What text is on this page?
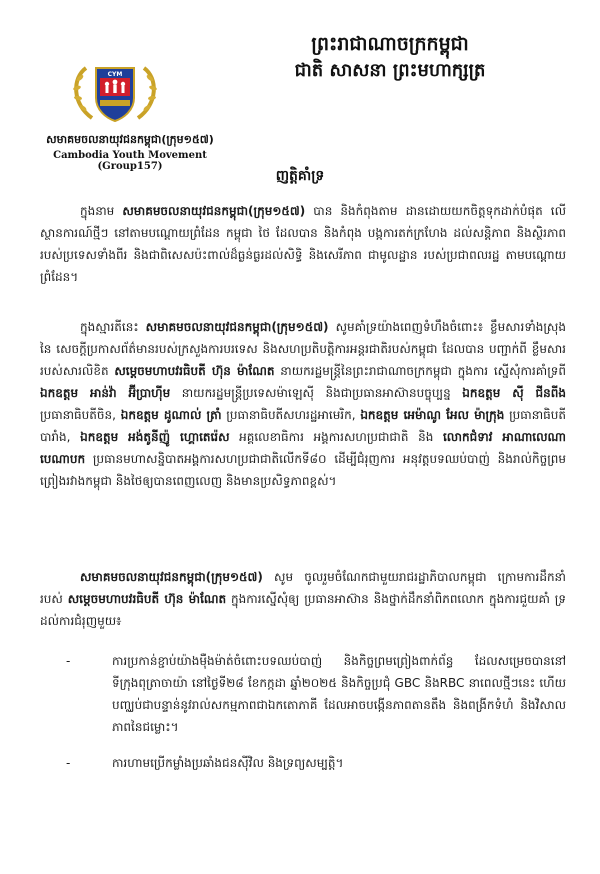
ព្រះរាជាណាចក្រកម្ពុជា
ជាតិ សាសនា ព្រះមហាក្សត្រ
CYM
សមាគមចលនាយុវជនកម្ពុជា(ក្រុម១៥៧)
Cambodia Youth Movement (Group157)
ញត្តិគាំទ្រ
ក្នុងនាម សមាគមចលនាយុវជនកម្ពុជា(ក្រុម១៥៧) បាន និងកំពុងតាម ដានដោយយកចិត្តទុកដាក់បំផុត លើស្ថានការណ៍ថ្មីៗ នៅតាមបណ្តោយព្រំដែន កម្ពុជា ថៃ ដែលបាន និងកំពុង បង្កការតក់ក្រហែង ដល់សន្តិភាព និងស្ថិរភាព របស់ប្រទេសទាំងពីរ និងជាពិសេសប៉ះពាល់ដ៏ធ្ងន់ធ្ងរដល់សិទ្ធិ និងសេរីភាព ជាមូលដ្ឋាន របស់ប្រជាពលរដ្ឋ តាមបណ្តោយព្រំដែន។
ក្នុងស្មារតីនេះ សមាគមចលនាយុវជនកម្ពុជា(ក្រុម១៥៧) សូមគាំទ្រយ៉ាងពេញទំហឹងចំពោះ៖ ខ្លឹមសារទាំងស្រុងនៃ សេចក្តីប្រកាសព័ត៌មានរបស់ក្រសួងការបរទេស និងសហប្រតិបត្តិការអន្តរជាតិរបស់កម្ពុជា ដែលបាន បញ្ជាក់ពី ខ្លឹមសាររបស់សារលិខិត សម្តេចមហាបវរធិបតី ហ៊ុន ម៉ាណែត នាយករដ្ឋមន្ត្រីនៃព្រះរាជាណាចក្រកម្ពុជា ក្នុងការ ស្នើសុំការគាំទ្រពី ឯកឧត្តម អាន់វ៉ា អ៊ីប្រាហ៊ីម នាយករដ្ឋមន្ត្រីប្រទេសម៉ាឡេស៊ី និងជាប្រធានអាស៊ានបច្ចុប្បន្ន ឯកឧត្តម ស៊ី ជីនពីង ប្រធានាធិបតីចិន, ឯកឧត្តម ដូណាល់ ត្រាំ ប្រធានាធិបតីសហរដ្ឋអាមេរិក, ឯកឧត្តម អេម៉ាណូ អែល ម៉ាក្រុង ប្រធានាធិបតីបារាំង, ឯកឧត្តម អង់តូនីញ៉ូ ហ្គោតេរ៉េស អគ្គលេខាធិការ អង្គការសហប្រជាជាតិ និង លោកជំទាវ អាណាលេណា បេណាបក ប្រធានមហាសន្និបាតអង្គការសហប្រជាជាតិលើកទី៨០ ដើម្បីជំរុញការ អនុវត្តបទឈប់បាញ់ និងរាល់កិច្ចព្រមព្រៀងរវាងកម្ពុជា និងថៃឲ្យបានពេញលេញ និងមានប្រសិទ្ធភាពខ្ពស់។
សមាគមចលនាយុវជនកម្ពុជា(ក្រុម១៥៧) សូម ចូលរួមចំណែកជាមួយរាជរដ្ឋាភិបាលកម្ពុជា ក្រោមការដឹកនាំរបស់ សម្តេចមហាបវរធិបតី ហ៊ុន ម៉ាណែត ក្នុងការស្នើសុំឲ្យ ប្រធានអាស៊ាន និងថ្នាក់ដឹកនាំពិភពលោក ក្នុងការជួយគាំ ទ្រដល់ការជំរុញមួយ៖
-	ការប្រកាន់ខ្ជាប់យ៉ាងម៉ឺងម៉ាត់ចំពោះបទឈប់បាញ់ និងកិច្ចព្រមព្រៀងពាក់ព័ន្ធ ដែលសម្រេចបាននៅ ទីក្រុងពុត្រាចាយ៉ា នៅថ្ងៃទី២៨ ខែកក្កដា ឆ្នាំ២០២៥ និងកិច្ចប្រជុំ GBC និងRBC នាពេលថ្មីៗនេះ ហើយបញ្ឈប់ជាបន្ទាន់នូវរាល់សកម្មភាពជាឯកតោភាគី ដែលអាចបង្កើនភាពតានតឹង និងពង្រីកទំហំ និងវិសាលភាពនៃជម្លោះ។
-	ការហាមប្រើកម្លាំងប្រឆាំងជនស៊ីវិល និងទ្រព្យសម្បត្តិ។
